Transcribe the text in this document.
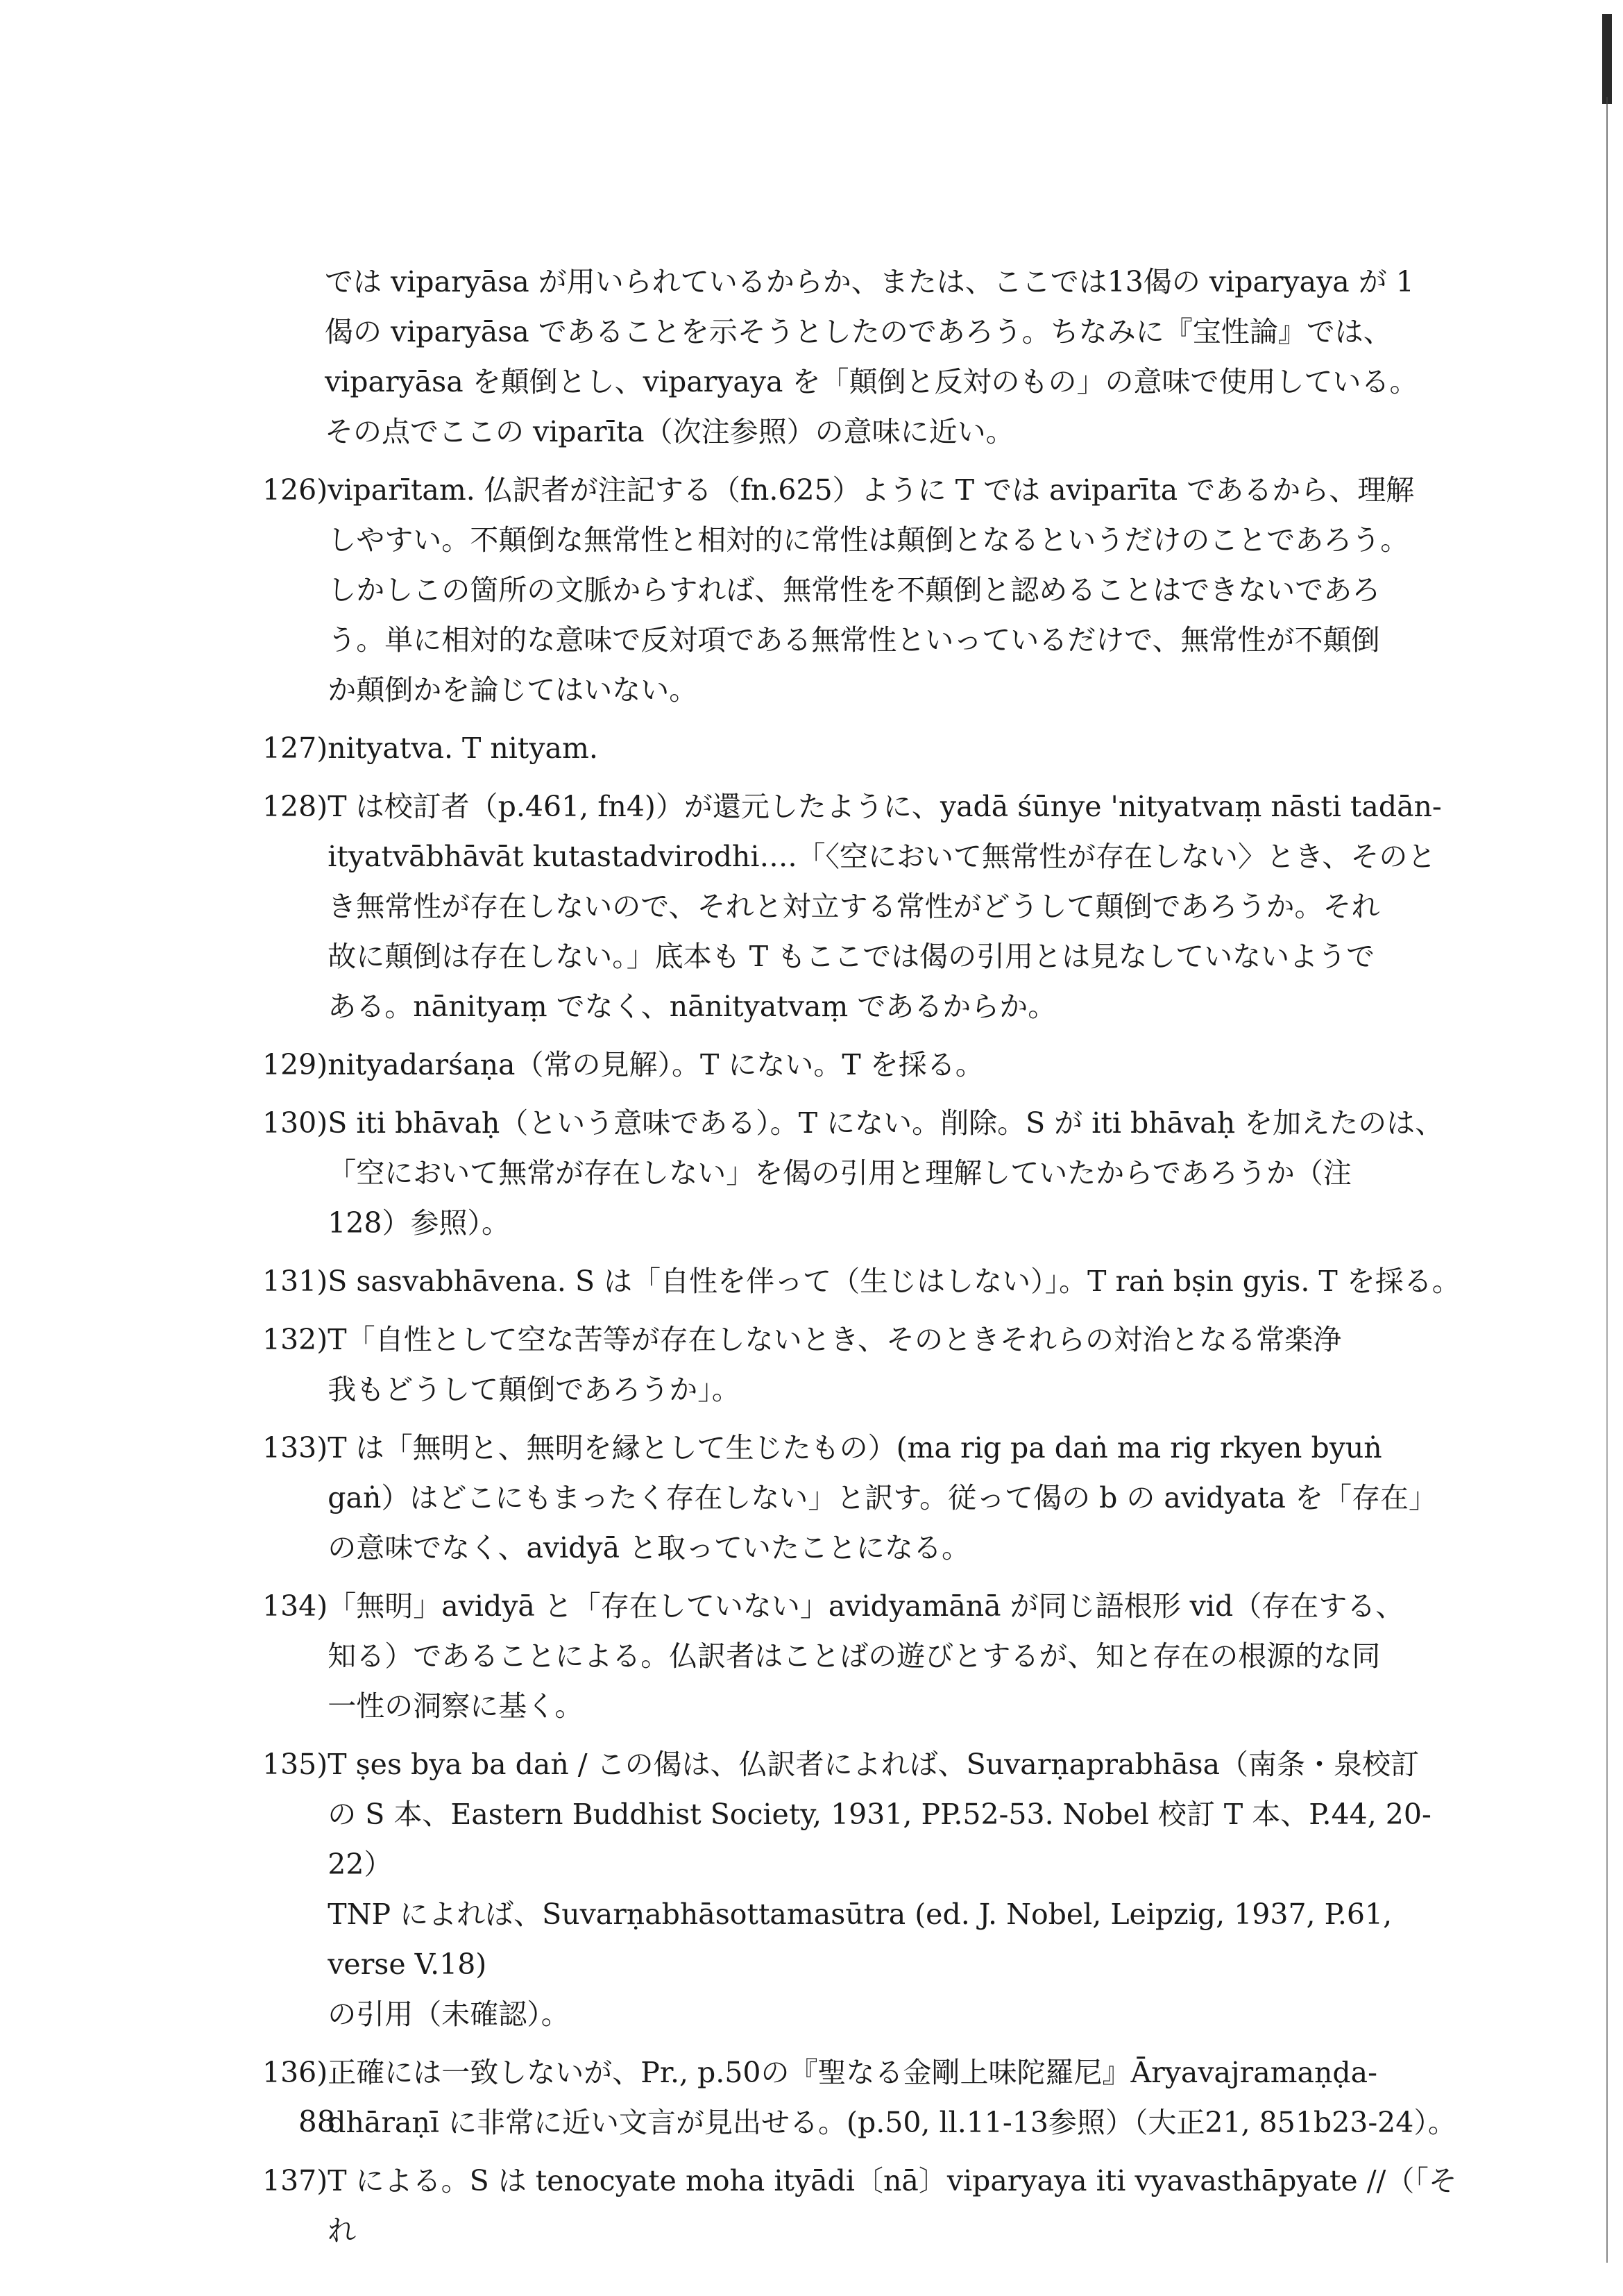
では viparyāsa が用いられているからか、または、ここでは13偈の viparyaya が 1
偈の viparyāsa であることを示そうとしたのであろう。ちなみに『宝性論』では、
viparyāsa を顛倒とし、viparyaya を「顛倒と反対のもの」の意味で使用している。
その点でここの viparīta（次注参照）の意味に近い。
126) viparītam. 仏訳者が注記する（fn.625）ように T では aviparīta であるから、理解
しやすい。不顛倒な無常性と相対的に常性は顛倒となるというだけのことであろう。
しかしこの箇所の文脈からすれば、無常性を不顛倒と認めることはできないであろ
う。単に相対的な意味で反対項である無常性といっているだけで、無常性が不顛倒
か顛倒かを論じてはいない。
127) nityatva. T nityam.
128) T は校訂者（p.461, fn4)）が還元したように、yadā śūnye 'nityatvaṃ nāsti tadān-
ityatvābhāvāt kutastadvirodhi….「〈空において無常性が存在しない〉とき、そのと
き無常性が存在しないので、それと対立する常性がどうして顛倒であろうか。それ
故に顛倒は存在しない。」底本も T もここでは偈の引用とは見なしていないようで
ある。nānityaṃ でなく、nānityatvaṃ であるからか。
129) nityadarśaṇa（常の見解）。T にない。T を採る。
130) S iti bhāvaḥ（という意味である）。T にない。削除。S が iti bhāvaḥ を加えたのは、
「空において無常が存在しない」を偈の引用と理解していたからであろうか（注
128）参照）。
131) S sasvabhāvena. S は「自性を伴って（生じはしない）」。T raṅ bṣin gyis. T を採る。
132) T「自性として空な苦等が存在しないとき、そのときそれらの対治となる常楽浄
我もどうして顛倒であろうか」。
133) T は「無明と、無明を縁として生じたもの）(ma rig pa daṅ ma rig rkyen byuṅ
gaṅ）はどこにもまったく存在しない」と訳す。従って偈の b の avidyata を「存在」
の意味でなく、avidyā と取っていたことになる。
134) 「無明」avidyā と「存在していない」avidyamānā が同じ語根形 vid（存在する、
知る）であることによる。仏訳者はことばの遊びとするが、知と存在の根源的な同
一性の洞察に基く。
135) T ṣes bya ba daṅ / この偈は、仏訳者によれば、Suvarṇaprabhāsa（南条・泉校訂
の S 本、Eastern Buddhist Society, 1931, PP.52-53. Nobel 校訂 T 本、P.44, 20-22）
TNP によれば、Suvarṇabhāsottamasūtra (ed. J. Nobel, Leipzig, 1937, P.61, verse V.18)
の引用（未確認）。
136) 正確には一致しないが、Pr., p.50の『聖なる金剛上味陀羅尼』Āryavajramaṇḍa-
dhāraṇī に非常に近い文言が見出せる。(p.50, ll.11-13参照）（大正21, 851b23-24）。
137) T による。S は tenocyate moha ityādi〔nā〕viparyaya iti vyavasthāpyate //（「それ
88
